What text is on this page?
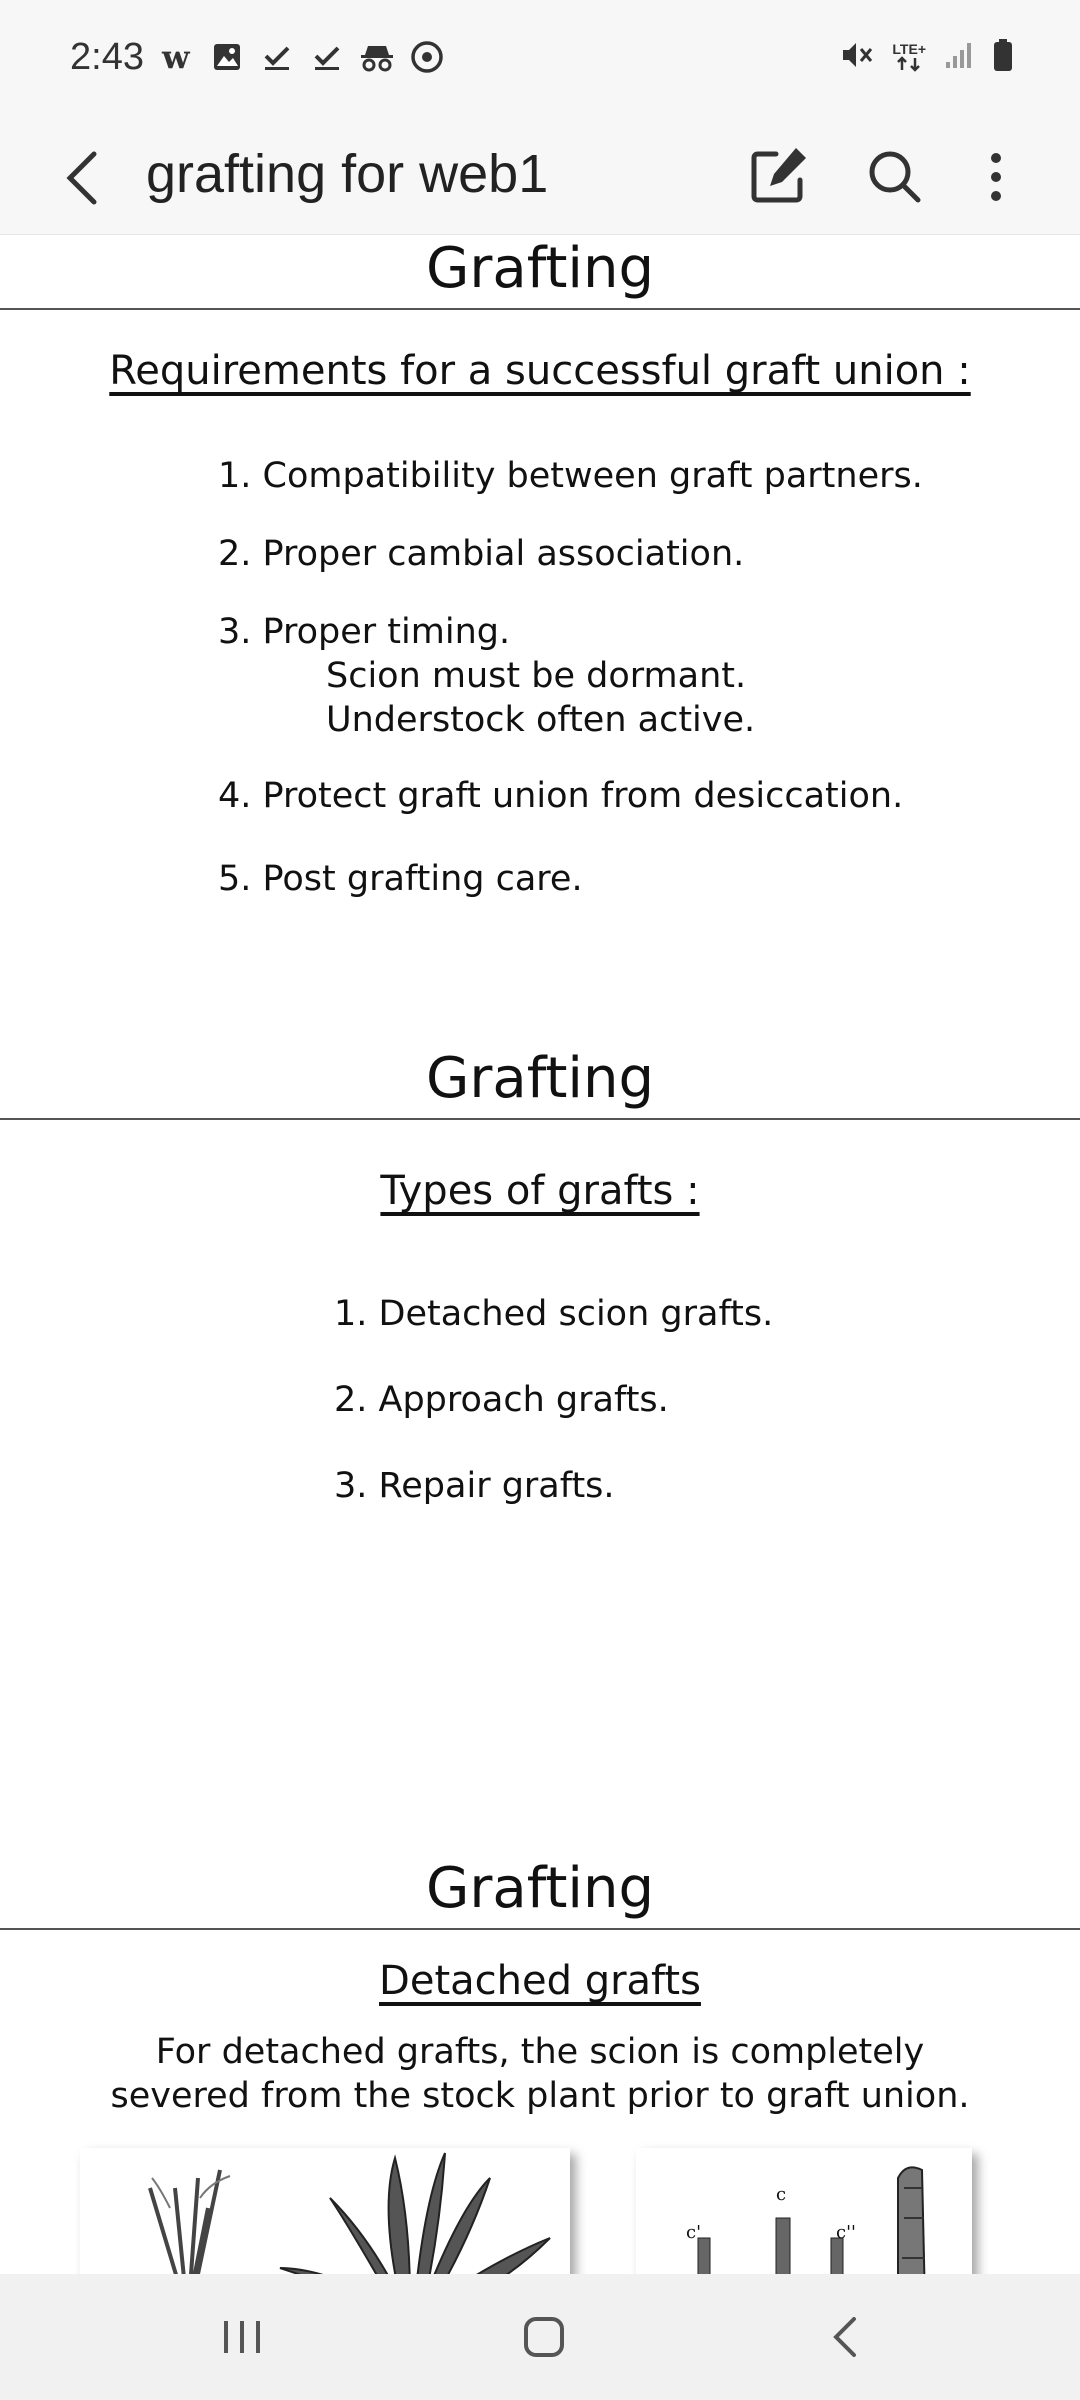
2:43 w	LTE+
grafting for web1
Grafting
Requirements for a successful graft union :
1. Compatibility between graft partners.
2. Proper cambial association.
3. Proper timing.
Scion must be dormant.
Understock often active.
4. Protect graft union from desiccation.
5. Post grafting care.
Grafting
Types of grafts :
1. Detached scion grafts.
2. Approach grafts.
3. Repair grafts.
Grafting
Detached grafts
For detached grafts, the scion is completely
severed from the stock plant prior to graft union.
c
c'	c''
